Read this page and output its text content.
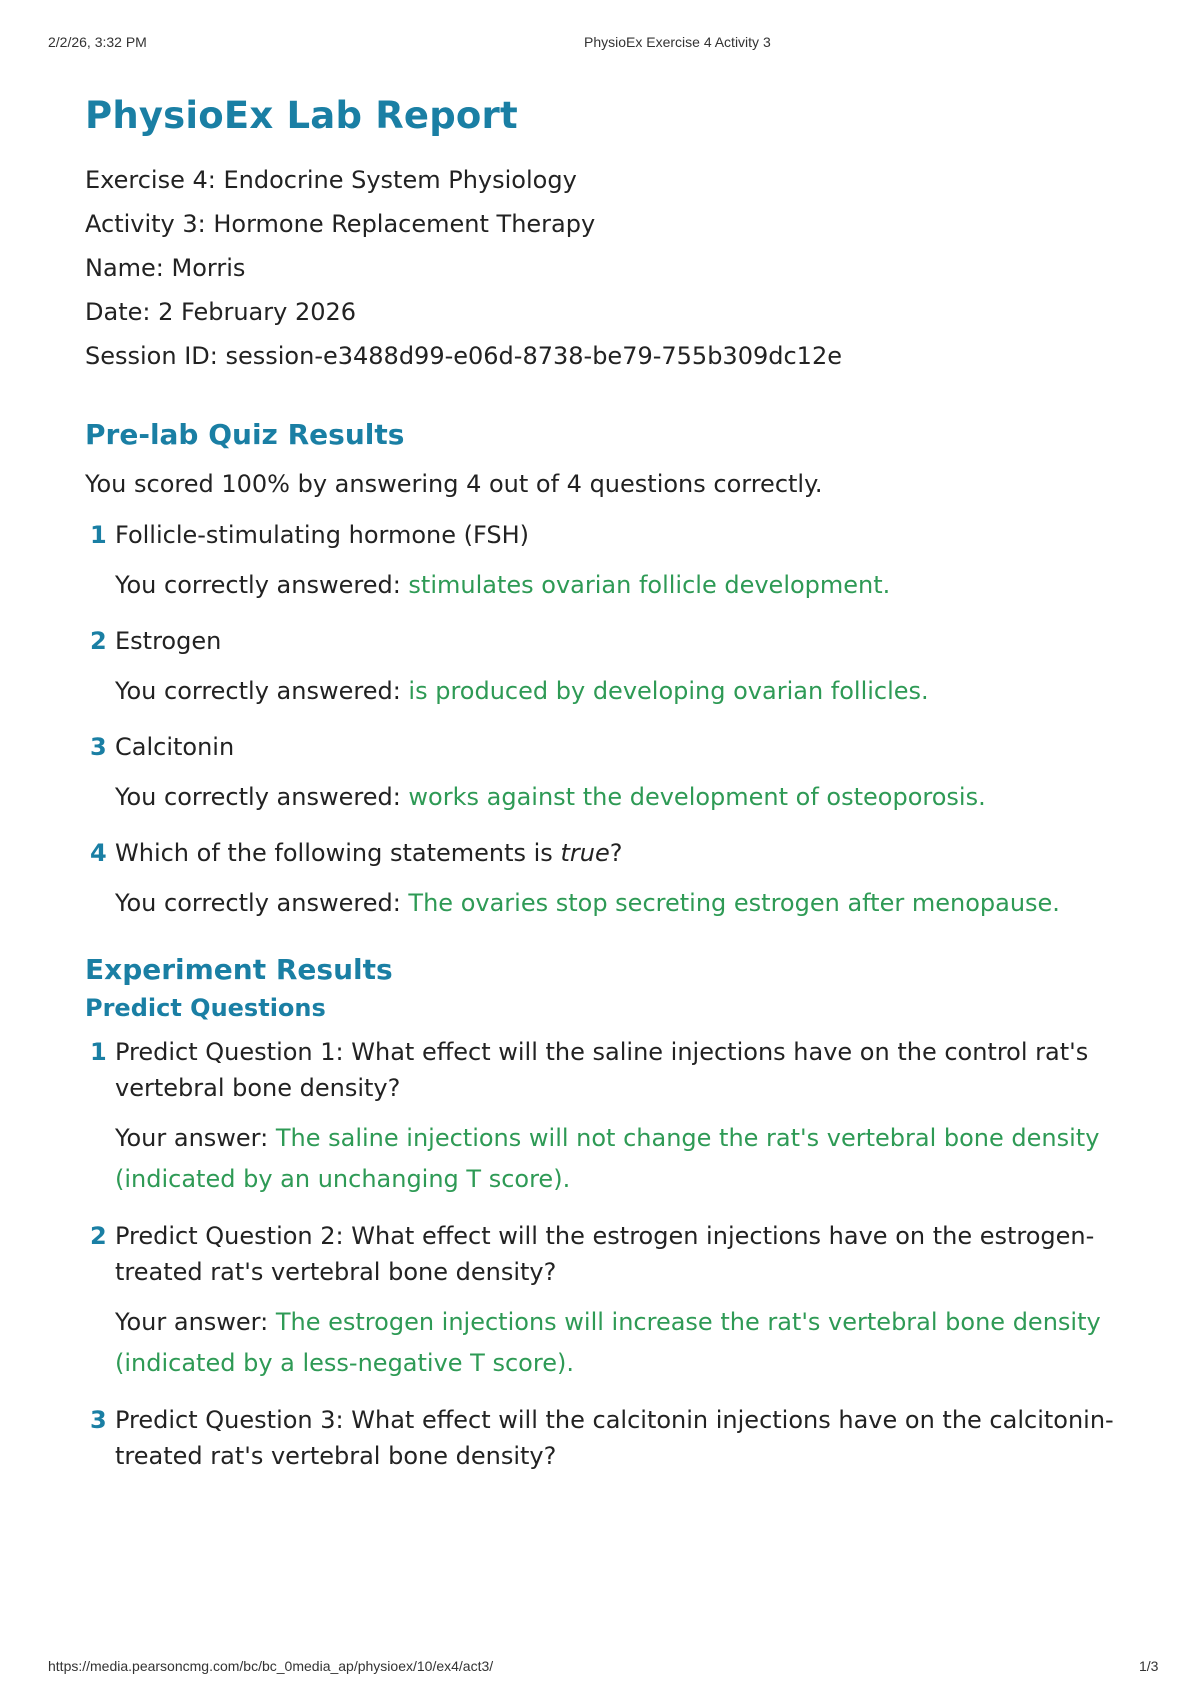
2/2/26, 3:32 PM	PhysioEx Exercise 4 Activity 3
PhysioEx Lab Report
Exercise 4: Endocrine System Physiology
Activity 3: Hormone Replacement Therapy
Name: Morris
Date: 2 February 2026
Session ID: session-e3488d99-e06d-8738-be79-755b309dc12e
Pre-lab Quiz Results
You scored 100% by answering 4 out of 4 questions correctly.
1 Follicle-stimulating hormone (FSH)
You correctly answered: stimulates ovarian follicle development.
2 Estrogen
You correctly answered: is produced by developing ovarian follicles.
3 Calcitonin
You correctly answered: works against the development of osteoporosis.
4 Which of the following statements is true?
You correctly answered: The ovaries stop secreting estrogen after menopause.
Experiment Results
Predict Questions
1 Predict Question 1: What effect will the saline injections have on the control rat's vertebral bone density?
Your answer: The saline injections will not change the rat's vertebral bone density (indicated by an unchanging T score).
2 Predict Question 2: What effect will the estrogen injections have on the estrogen-treated rat's vertebral bone density?
Your answer: The estrogen injections will increase the rat's vertebral bone density (indicated by a less-negative T score).
3 Predict Question 3: What effect will the calcitonin injections have on the calcitonin-treated rat's vertebral bone density?
https://media.pearsoncmg.com/bc/bc_0media_ap/physioex/10/ex4/act3/	1/3
